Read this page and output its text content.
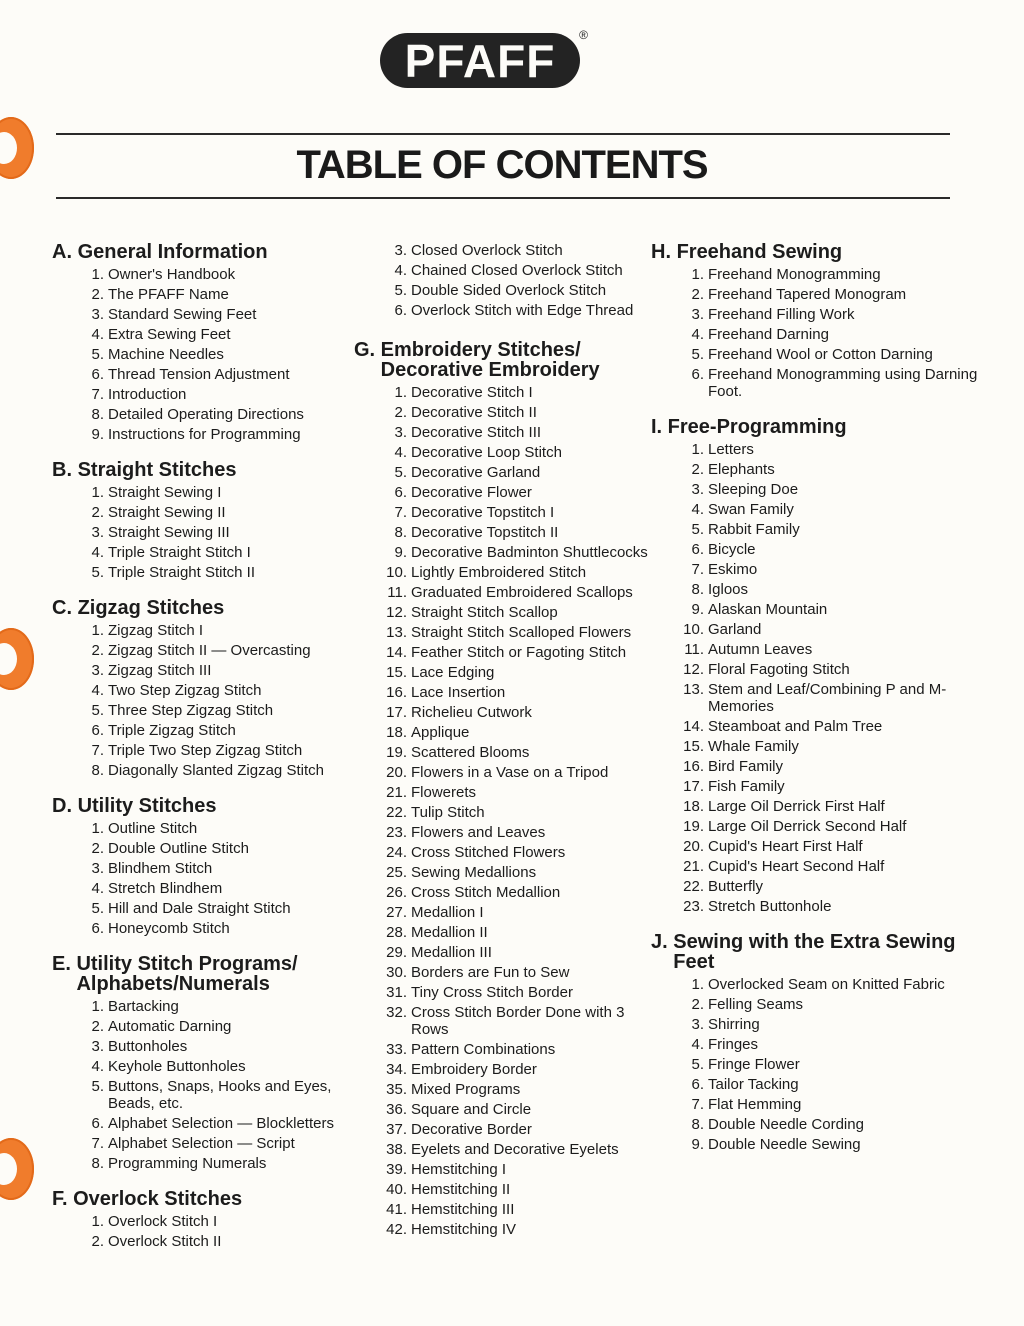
PFAFF ®
TABLE OF CONTENTS
A. General Information
1. Owner's Handbook
2. The PFAFF Name
3. Standard Sewing Feet
4. Extra Sewing Feet
5. Machine Needles
6. Thread Tension Adjustment
7. Introduction
8. Detailed Operating Directions
9. Instructions for Programming
B. Straight Stitches
1. Straight Sewing I
2. Straight Sewing II
3. Straight Sewing III
4. Triple Straight Stitch I
5. Triple Straight Stitch II
C. Zigzag Stitches
1. Zigzag Stitch I
2. Zigzag Stitch II — Overcasting
3. Zigzag Stitch III
4. Two Step Zigzag Stitch
5. Three Step Zigzag Stitch
6. Triple Zigzag Stitch
7. Triple Two Step Zigzag Stitch
8. Diagonally Slanted Zigzag Stitch
D. Utility Stitches
1. Outline Stitch
2. Double Outline Stitch
3. Blindhem Stitch
4. Stretch Blindhem
5. Hill and Dale Straight Stitch
6. Honeycomb Stitch
E. Utility Stitch Programs/ Alphabets/Numerals
1. Bartacking
2. Automatic Darning
3. Buttonholes
4. Keyhole Buttonholes
5. Buttons, Snaps, Hooks and Eyes, Beads, etc.
6. Alphabet Selection — Blockletters
7. Alphabet Selection — Script
8. Programming Numerals
F. Overlock Stitches
1. Overlock Stitch I
2. Overlock Stitch II
3. Closed Overlock Stitch
4. Chained Closed Overlock Stitch
5. Double Sided Overlock Stitch
6. Overlock Stitch with Edge Thread
G. Embroidery Stitches/ Decorative Embroidery
1. Decorative Stitch I
2. Decorative Stitch II
3. Decorative Stitch III
4. Decorative Loop Stitch
5. Decorative Garland
6. Decorative Flower
7. Decorative Topstitch I
8. Decorative Topstitch II
9. Decorative Badminton Shuttlecocks
10. Lightly Embroidered Stitch
11. Graduated Embroidered Scallops
12. Straight Stitch Scallop
13. Straight Stitch Scalloped Flowers
14. Feather Stitch or Fagoting Stitch
15. Lace Edging
16. Lace Insertion
17. Richelieu Cutwork
18. Applique
19. Scattered Blooms
20. Flowers in a Vase on a Tripod
21. Flowerets
22. Tulip Stitch
23. Flowers and Leaves
24. Cross Stitched Flowers
25. Sewing Medallions
26. Cross Stitch Medallion
27. Medallion I
28. Medallion II
29. Medallion III
30. Borders are Fun to Sew
31. Tiny Cross Stitch Border
32. Cross Stitch Border Done with 3 Rows
33. Pattern Combinations
34. Embroidery Border
35. Mixed Programs
36. Square and Circle
37. Decorative Border
38. Eyelets and Decorative Eyelets
39. Hemstitching I
40. Hemstitching II
41. Hemstitching III
42. Hemstitching IV
H. Freehand Sewing
1. Freehand Monogramming
2. Freehand Tapered Monogram
3. Freehand Filling Work
4. Freehand Darning
5. Freehand Wool or Cotton Darning
6. Freehand Monogramming using Darning Foot.
I. Free-Programming
1. Letters
2. Elephants
3. Sleeping Doe
4. Swan Family
5. Rabbit Family
6. Bicycle
7. Eskimo
8. Igloos
9. Alaskan Mountain
10. Garland
11. Autumn Leaves
12. Floral Fagoting Stitch
13. Stem and Leaf/Combining P and M-Memories
14. Steamboat and Palm Tree
15. Whale Family
16. Bird Family
17. Fish Family
18. Large Oil Derrick First Half
19. Large Oil Derrick Second Half
20. Cupid's Heart First Half
21. Cupid's Heart Second Half
22. Butterfly
23. Stretch Buttonhole
J. Sewing with the Extra Sewing Feet
1. Overlocked Seam on Knitted Fabric
2. Felling Seams
3. Shirring
4. Fringes
5. Fringe Flower
6. Tailor Tacking
7. Flat Hemming
8. Double Needle Cording
9. Double Needle Sewing
